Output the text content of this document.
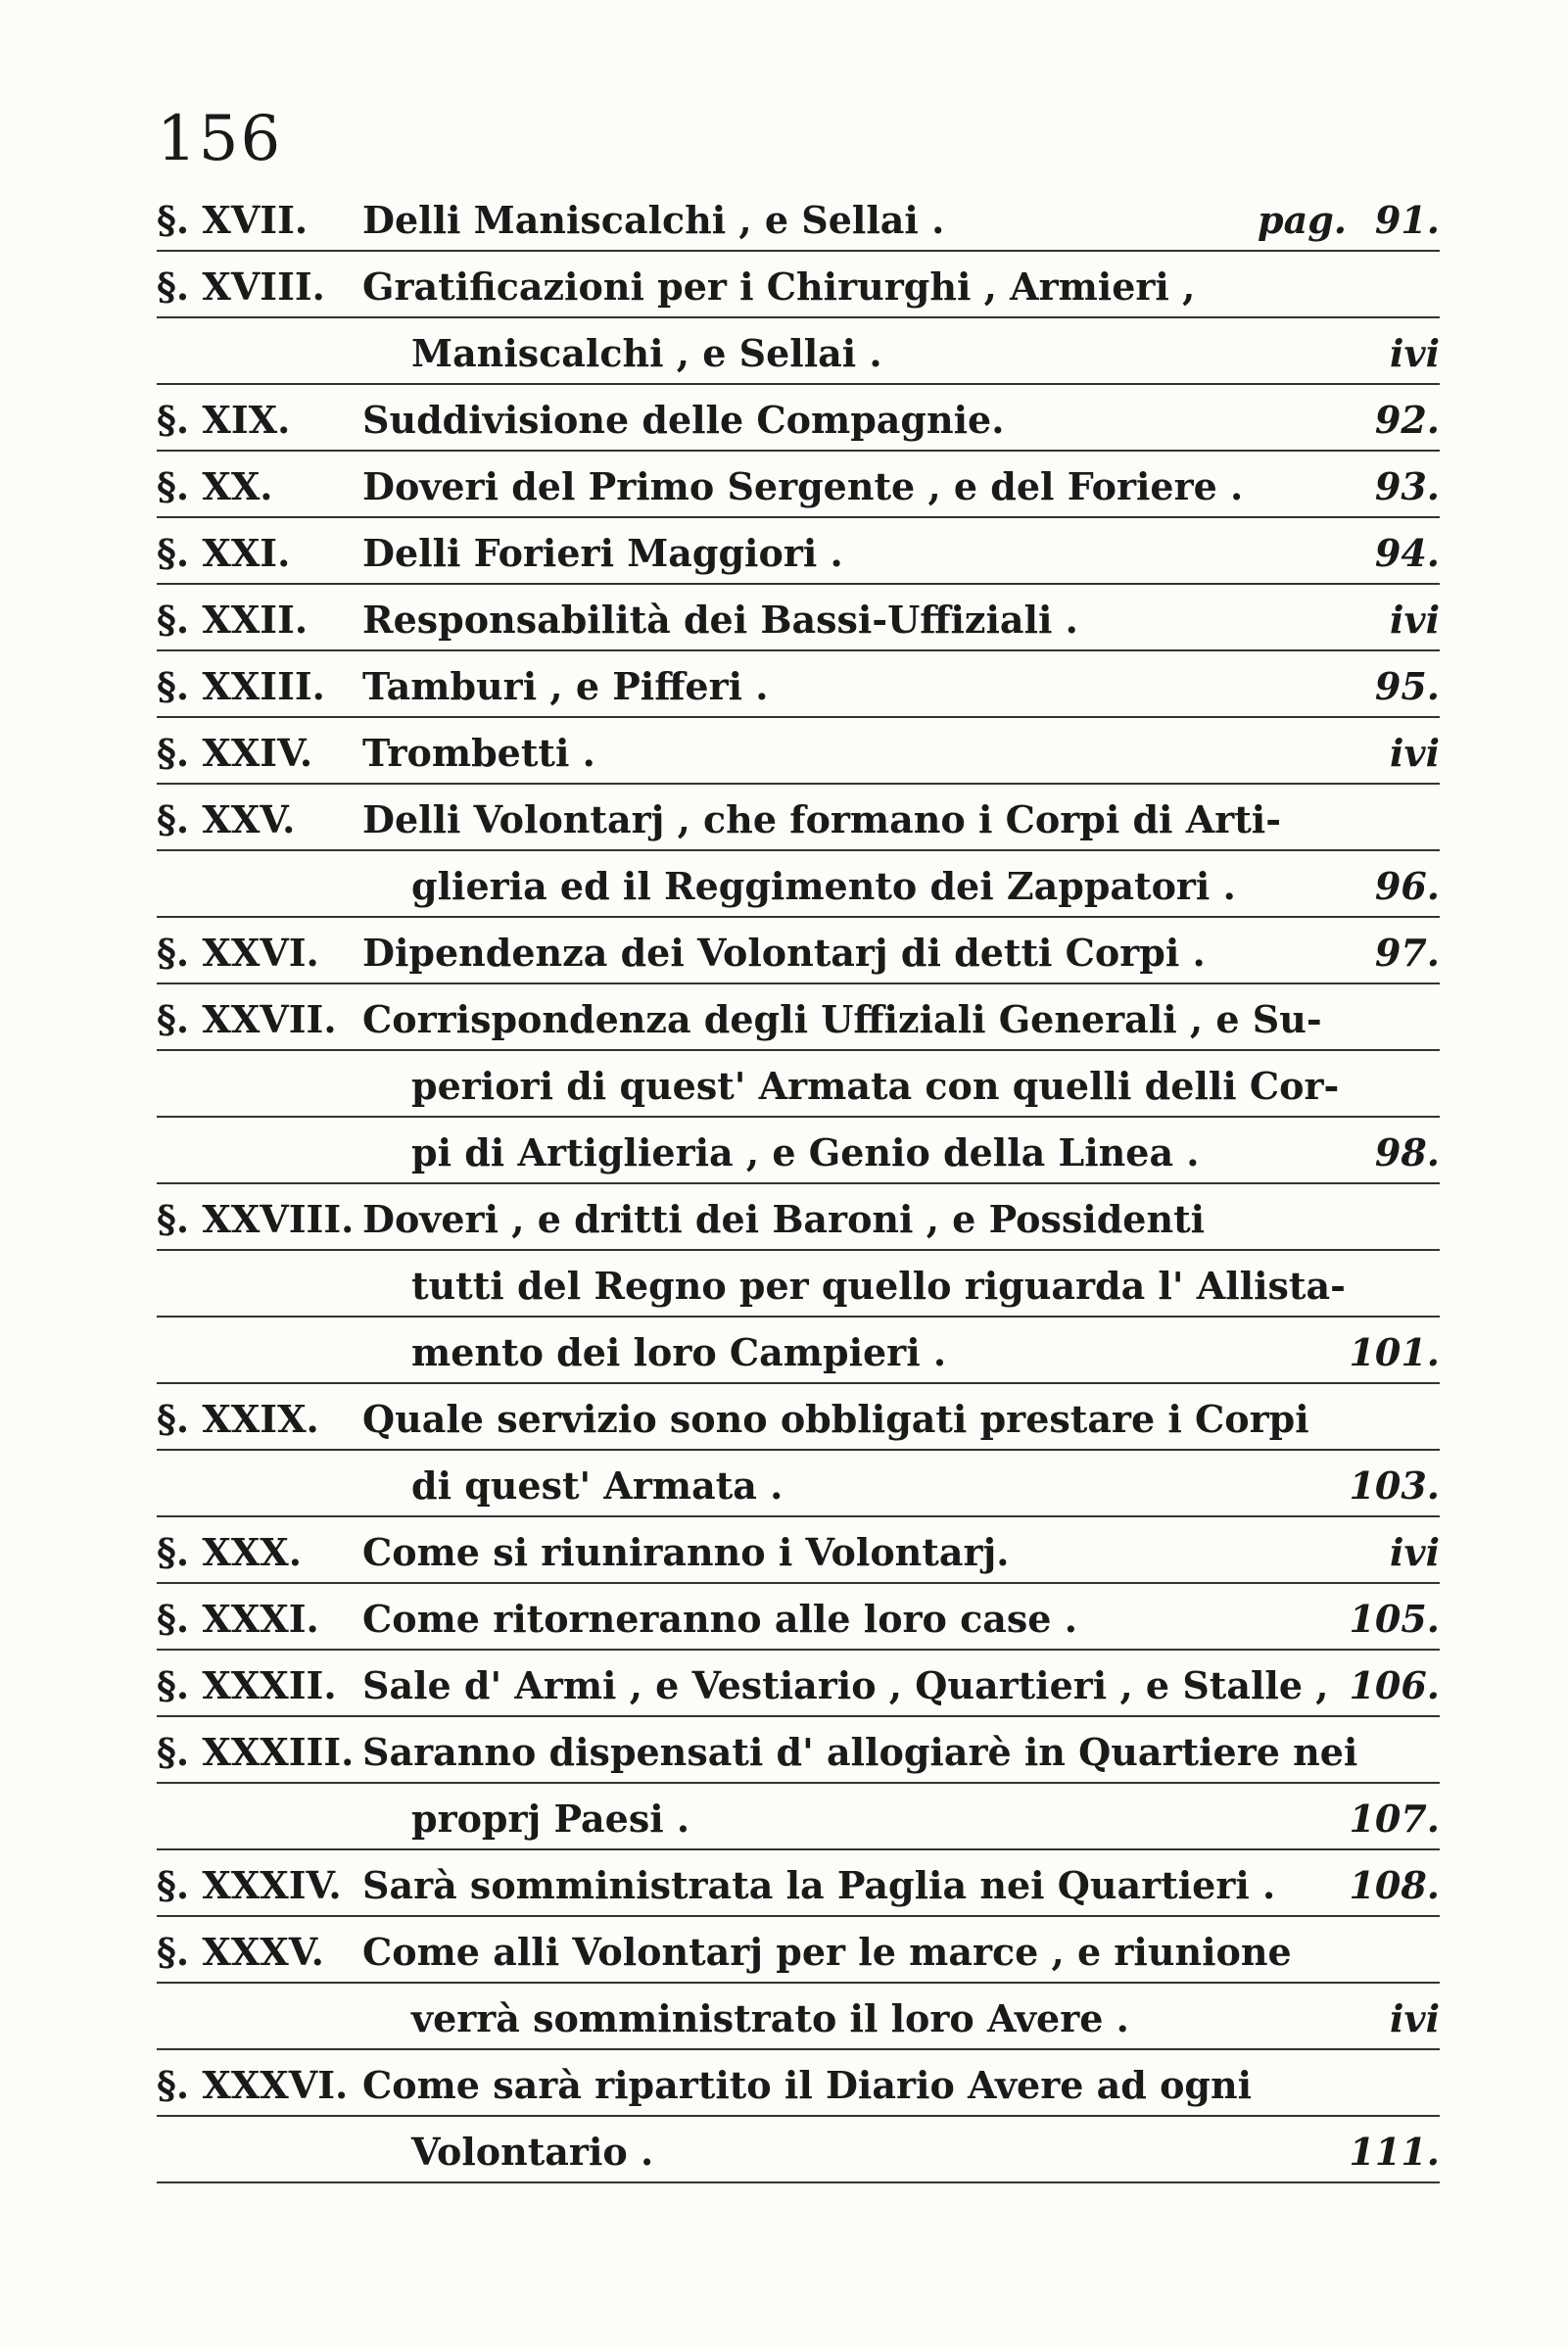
156
§. XVII. Delli Maniscalchi , e Sellai .	pag. 91.
§. XVIII. Gratificazioni per i Chirurghi , Armieri ,
Maniscalchi , e Sellai .	ivi
§. XIX. Suddivisione delle Compagnie.	92.
§. XX. Doveri del Primo Sergente , e del Foriere .	93.
§. XXI. Delli Forieri Maggiori .	94.
§. XXII. Responsabilità dei Bassi-Uffiziali .	ivi
§. XXIII. Tamburi , e Pifferi .	95.
§. XXIV. Trombetti .	ivi
§. XXV. Delli Volontarj , che formano i Corpi di Arti-
glieria ed il Reggimento dei Zappatori .	96.
§. XXVI. Dipendenza dei Volontarj di detti Corpi .	97.
§. XXVII. Corrispondenza degli Uffiziali Generali , e Su-
periori di quest' Armata con quelli delli Cor-
pi di Artiglieria , e Genio della Linea .	98.
§. XXVIII. Doveri , e dritti dei Baroni , e Possidenti
tutti del Regno per quello riguarda l' Allista-
mento dei loro Campieri .	101.
§. XXIX. Quale servizio sono obbligati prestare i Corpi
di quest' Armata .	103.
§. XXX. Come si riuniranno i Volontarj.	ivi
§. XXXI. Come ritorneranno alle loro case .	105.
§. XXXII. Sale d' Armi , e Vestiario , Quartieri , e Stalle , 106.
§. XXXIII. Saranno dispensati d' allogiarè in Quartiere nei
proprj Paesi .	107.
§. XXXIV. Sarà somministrata la Paglia nei Quartieri . 108.
§. XXXV. Come alli Volontarj per le marce , e riunione
verrà somministrato il loro Avere .	ivi
§. XXXVI. Come sarà ripartito il Diario Avere ad ogni
Volontario .	111.
